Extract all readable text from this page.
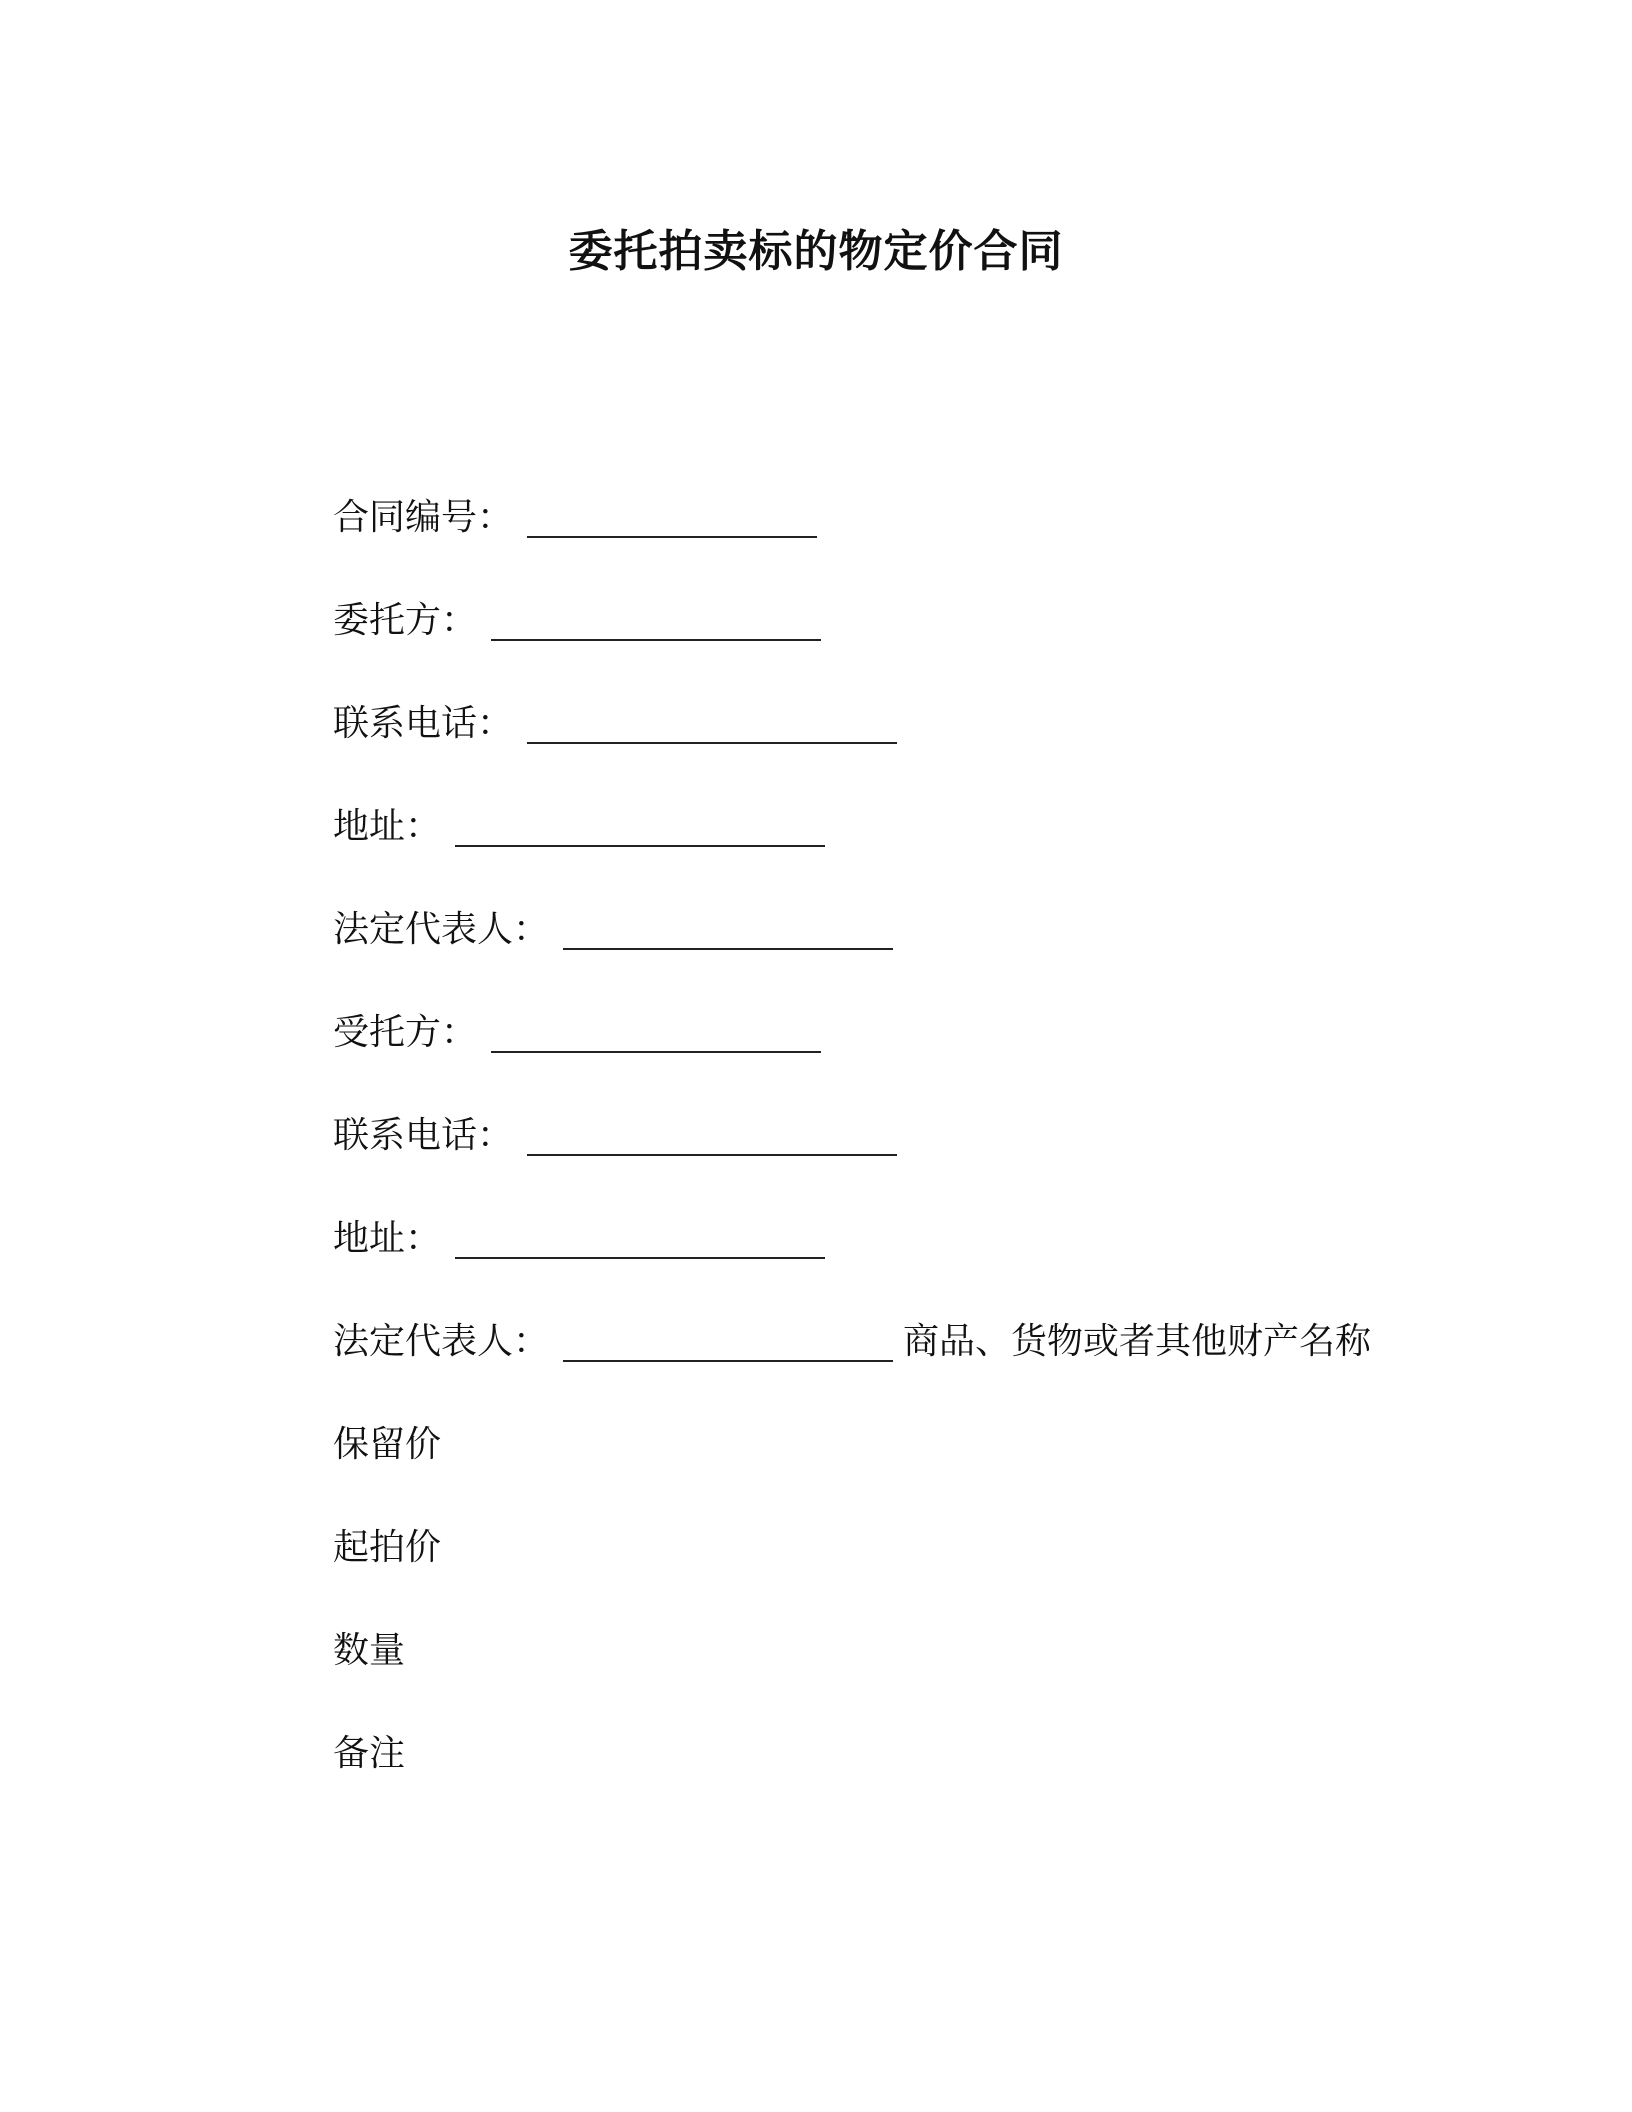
委托拍卖标的物定价合同
合同编号：
委托方：
联系电话：
地址：
法定代表人：
受托方：
联系电话：
地址：
法定代表人：	商品、货物或者其他财产名称
保留价
起拍价
数量
备注
